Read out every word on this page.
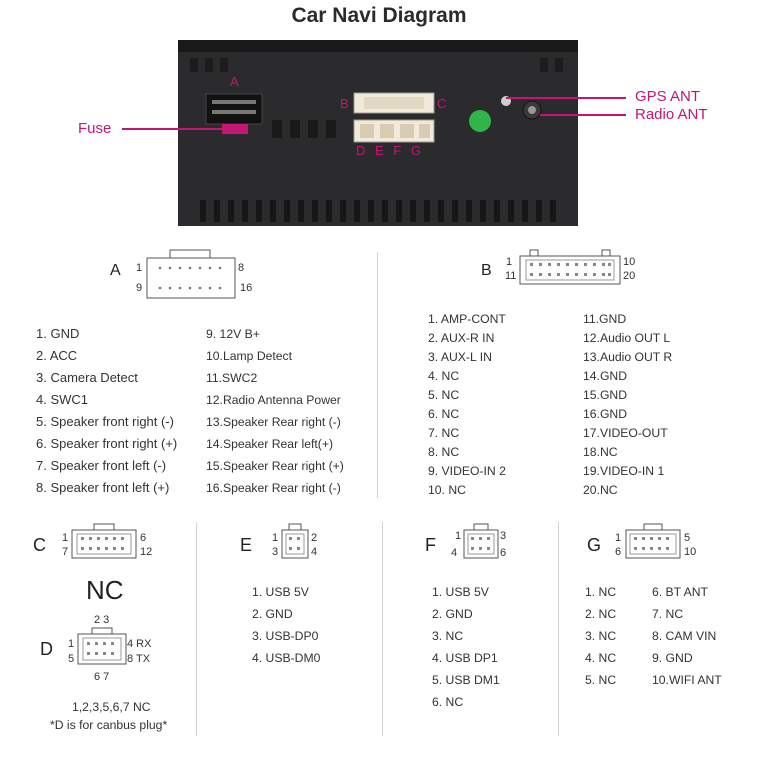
Car Navi Diagram
Fuse
GPS ANT
Radio ANT
A
B	C
D E F G
A 1	8
9	16
1. GND
2. ACC
3. Camera Detect
4. SWC1
5. Speaker front right (-)
6. Speaker front right (+)
7. Speaker front left (-)
8. Speaker front left (+)
9. 12V B+
10.Lamp Detect
11.SWC2
12.Radio Antenna Power
13.Speaker Rear right (-)
14.Speaker Rear left(+)
15.Speaker Rear right (+)
16.Speaker Rear right (-)
B 1	10
11	20
1. AMP-CONT
2. AUX-R IN
3. AUX-L IN
4. NC
5. NC
6. NC
7. NC
8. NC
9. VIDEO-IN 2
10. NC
11.GND
12.Audio OUT L
13.Audio OUT R
14.GND
15.GND
16.GND
17.VIDEO-OUT
18.NC
19.VIDEO-IN 1
20.NC
C 1	6
7	12
NC
2 3
D 1
5
4 RX
8 TX
6 7
1,2,3,5,6,7 NC
*D is for canbus plug*
E 1	2
3	4
1. USB 5V
2. GND
3. USB-DP0
4. USB-DM0
F 1	3
4	6
1. USB 5V
2. GND
3. NC
4. USB DP1
5. USB DM1
6. NC
G 1	5
6	10
1. NC
2. NC
3. NC
4. NC
5. NC
6. BT ANT
7. NC
8. CAM VIN
9. GND
10.WIFI ANT
